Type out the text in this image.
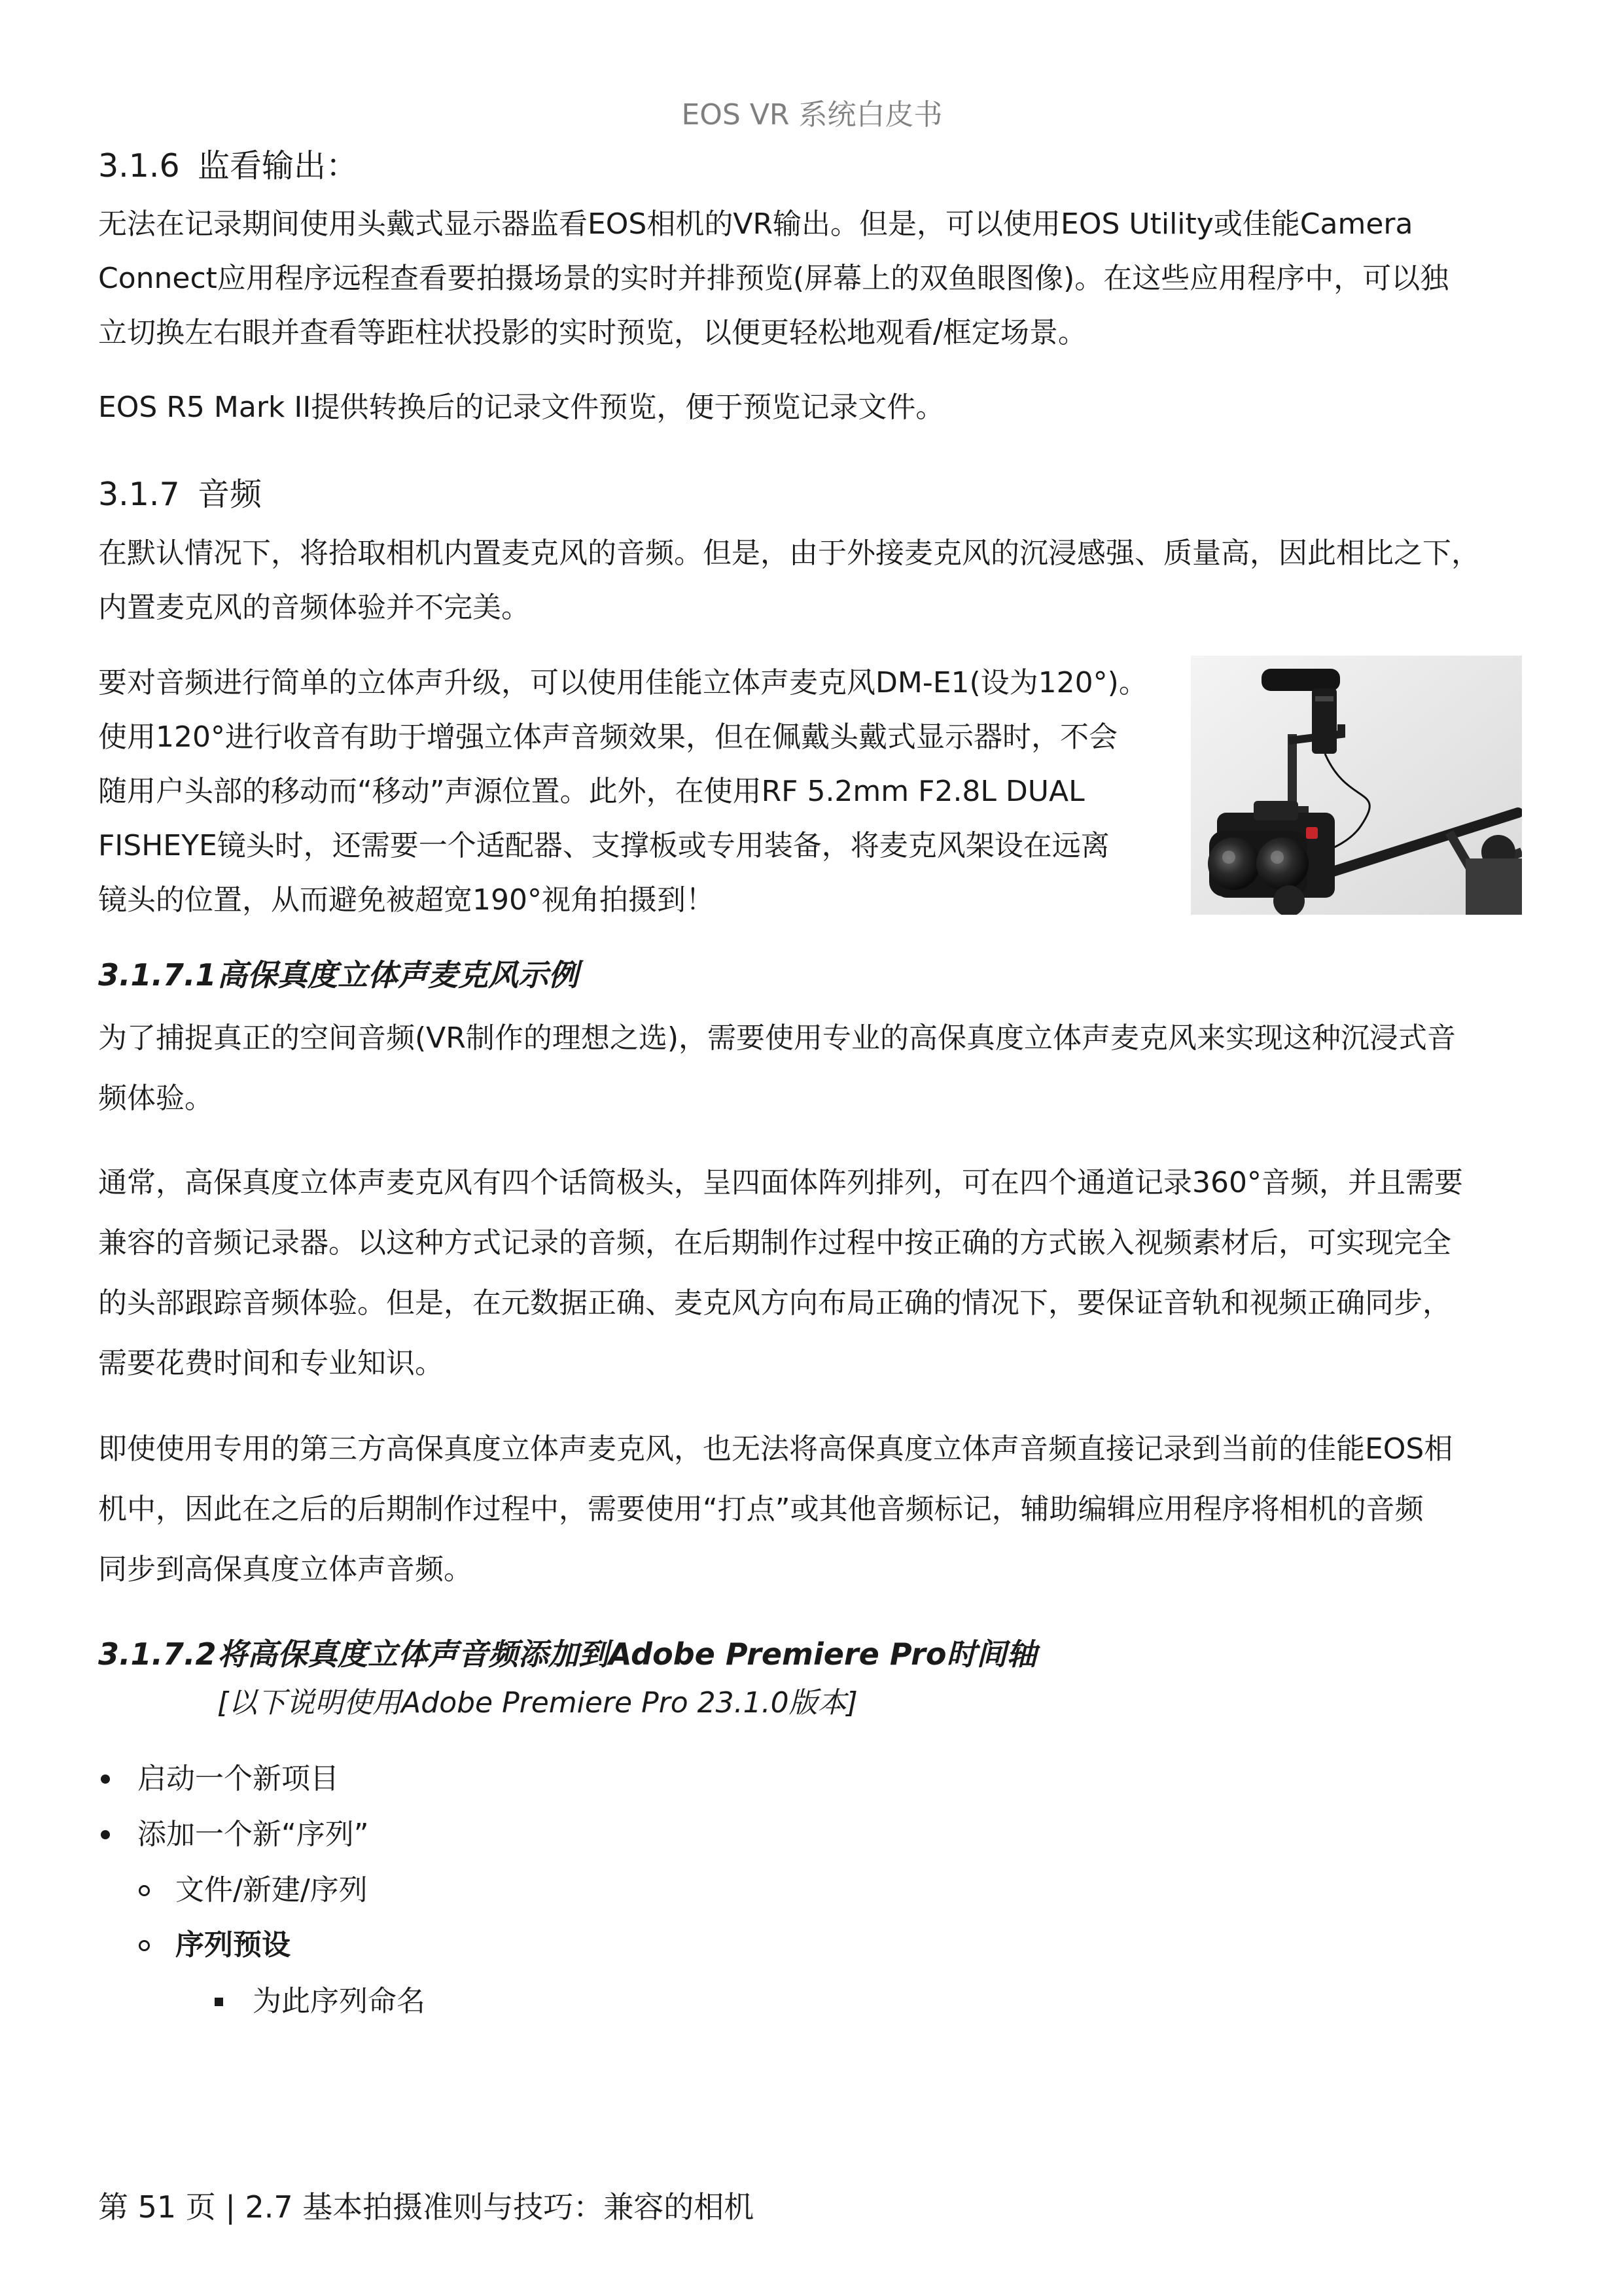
EOS VR 系统白皮书
3.1.6 监看输出：
无法在记录期间使用头戴式显示器监看EOS相机的VR输出。但是，可以使用EOS Utility或佳能Camera
Connect应用程序远程查看要拍摄场景的实时并排预览(屏幕上的双鱼眼图像)。在这些应用程序中，可以独
立切换左右眼并查看等距柱状投影的实时预览，以便更轻松地观看/框定场景。
EOS R5 Mark II提供转换后的记录文件预览，便于预览记录文件。
3.1.7 音频
在默认情况下，将拾取相机内置麦克风的音频。但是，由于外接麦克风的沉浸感强、质量高，因此相比之下，
内置麦克风的音频体验并不完美。
要对音频进行简单的立体声升级，可以使用佳能立体声麦克风DM-E1(设为120°)。
使用120°进行收音有助于增强立体声音频效果，但在佩戴头戴式显示器时，不会
随用户头部的移动而“移动”声源位置。此外，在使用RF 5.2mm F2.8L DUAL
FISHEYE镜头时，还需要一个适配器、支撑板或专用装备，将麦克风架设在远离
镜头的位置，从而避免被超宽190°视角拍摄到！
3.1.7.1高保真度立体声麦克风示例
为了捕捉真正的空间音频(VR制作的理想之选)，需要使用专业的高保真度立体声麦克风来实现这种沉浸式音
频体验。
通常，高保真度立体声麦克风有四个话筒极头，呈四面体阵列排列，可在四个通道记录360°音频，并且需要
兼容的音频记录器。以这种方式记录的音频，在后期制作过程中按正确的方式嵌入视频素材后，可实现完全
的头部跟踪音频体验。但是，在元数据正确、麦克风方向布局正确的情况下，要保证音轨和视频正确同步，
需要花费时间和专业知识。
即使使用专用的第三方高保真度立体声麦克风，也无法将高保真度立体声音频直接记录到当前的佳能EOS相
机中，因此在之后的后期制作过程中，需要使用“打点”或其他音频标记，辅助编辑应用程序将相机的音频
同步到高保真度立体声音频。
3.1.7.2将高保真度立体声音频添加到Adobe Premiere Pro时间轴
[以下说明使用Adobe Premiere Pro 23.1.0版本]
启动一个新项目
添加一个新“序列”
文件/新建/序列
序列预设
为此序列命名
第 51 页 | 2.7 基本拍摄准则与技巧：兼容的相机
